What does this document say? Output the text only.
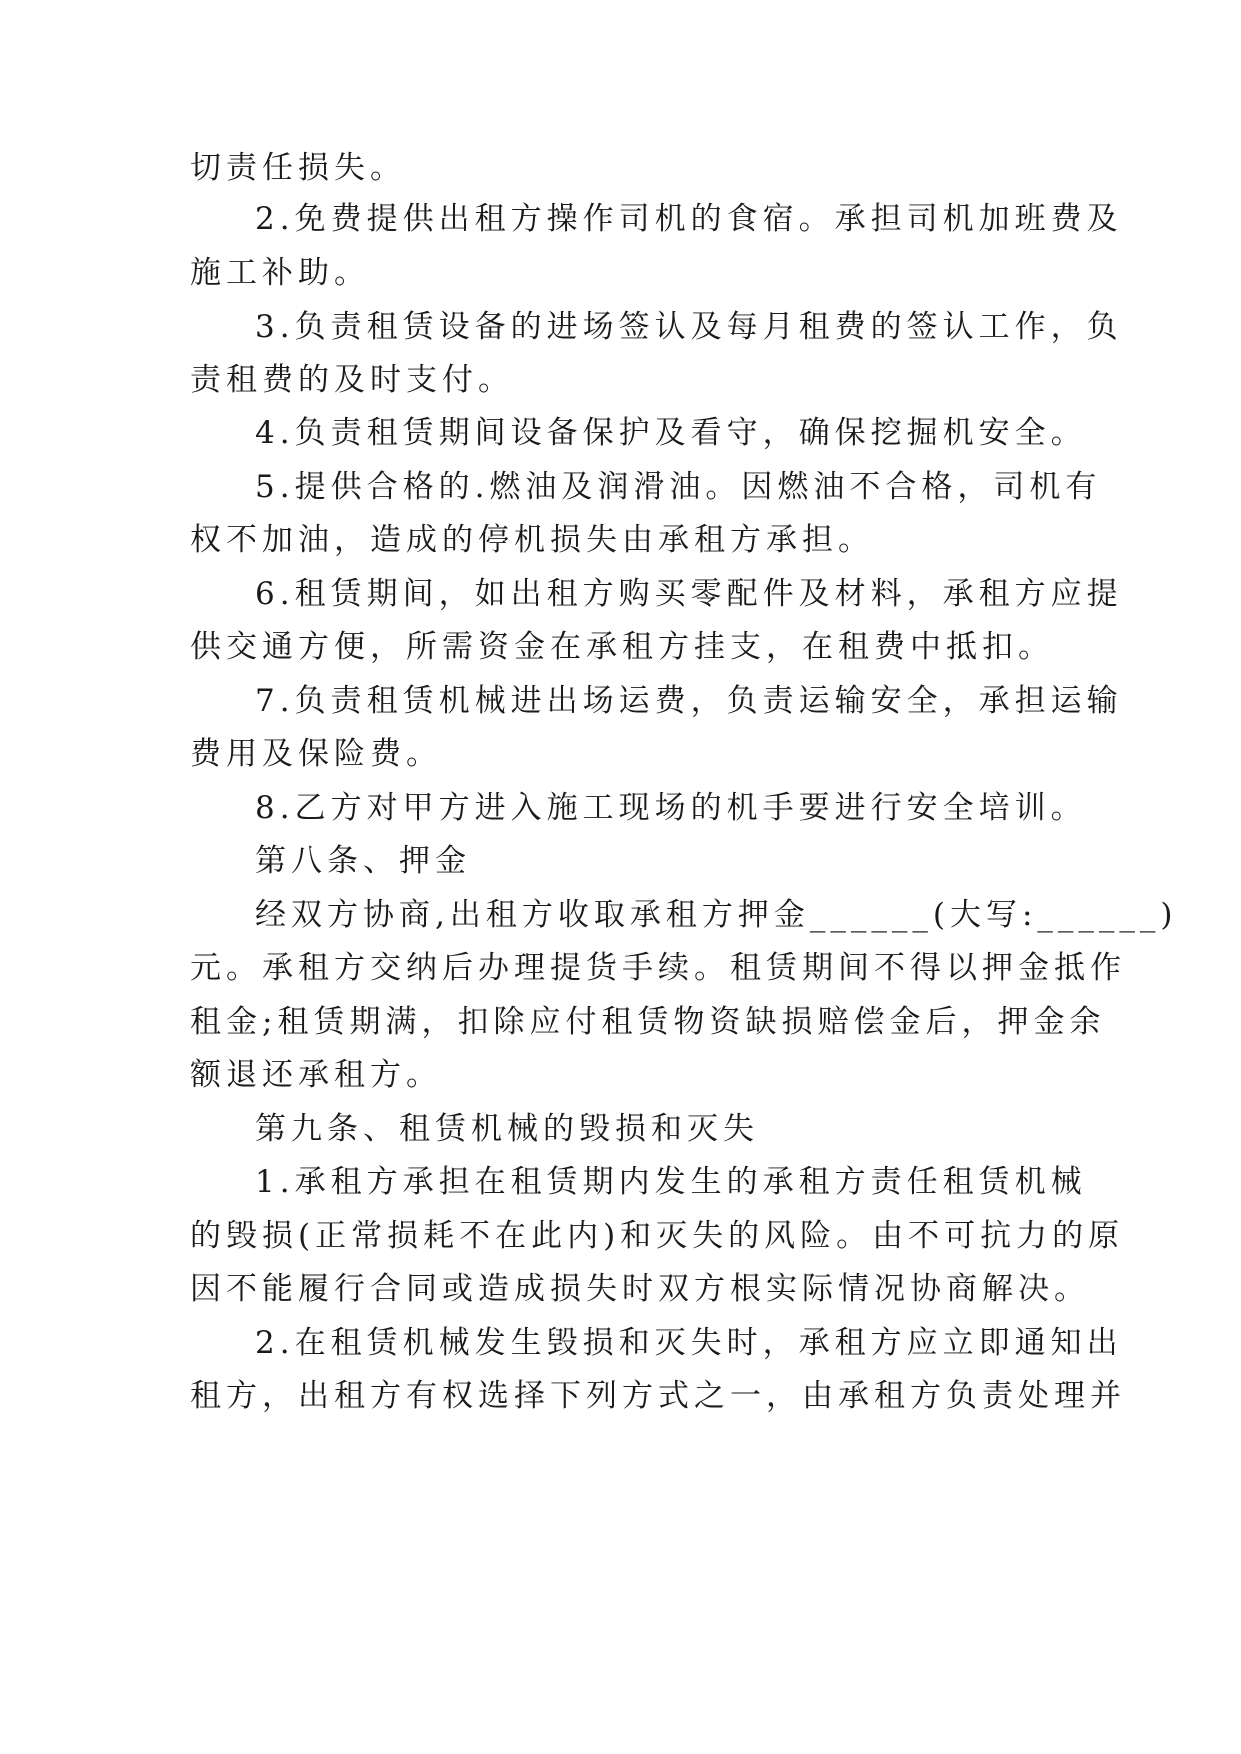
切责任损失。
2.免费提供出租方操作司机的食宿。承担司机加班费及
施工补助。
3.负责租赁设备的进场签认及每月租费的签认工作，负
责租费的及时支付。
4.负责租赁期间设备保护及看守，确保挖掘机安全。
5.提供合格的.燃油及润滑油。因燃油不合格，司机有
权不加油，造成的停机损失由承租方承担。
6.租赁期间，如出租方购买零配件及材料，承租方应提
供交通方便，所需资金在承租方挂支，在租费中抵扣。
7.负责租赁机械进出场运费，负责运输安全，承担运输
费用及保险费。
8.乙方对甲方进入施工现场的机手要进行安全培训。
第八条、押金
经双方协商,出租方收取承租方押金______(大写:______)
元。承租方交纳后办理提货手续。租赁期间不得以押金抵作
租金;租赁期满，扣除应付租赁物资缺损赔偿金后，押金余
额退还承租方。
第九条、租赁机械的毁损和灭失
1.承租方承担在租赁期内发生的承租方责任租赁机械
的毁损(正常损耗不在此内)和灭失的风险。由不可抗力的原
因不能履行合同或造成损失时双方根实际情况协商解决。
2.在租赁机械发生毁损和灭失时，承租方应立即通知出
租方，出租方有权选择下列方式之一，由承租方负责处理并
